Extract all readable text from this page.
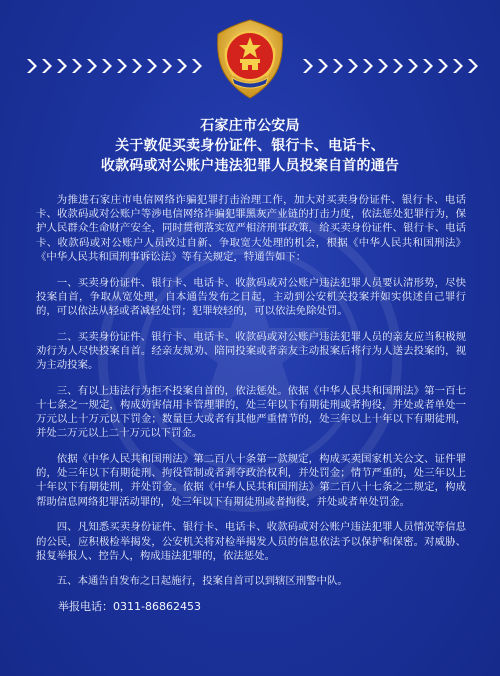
石家庄市公安局
关于敦促买卖身份证件、银行卡、电话卡、
收款码或对公账户违法犯罪人员投案自首的通告

为推进石家庄市电信网络诈骗犯罪打击治理工作，加大对买卖身份证件、银行卡、电话卡、收款码或对公账户等涉电信网络诈骗犯罪黑灰产业链的打击力度，依法惩处犯罪行为，保护人民群众生命财产安全，同时贯彻落实宽严相济刑事政策，给买卖身份证件、银行卡、电话卡、收款码或对公账户人员改过自新、争取宽大处理的机会，根据《中华人民共和国刑法》《中华人民共和国刑事诉讼法》等有关规定，特通告如下：

一、买卖身份证件、银行卡、电话卡、收款码或对公账户违法犯罪人员要认清形势，尽快投案自首，争取从宽处理，自本通告发布之日起，主动到公安机关投案并如实供述自己罪行的，可以依法从轻或者减轻处罚；犯罪较轻的，可以依法免除处罚。

二、买卖身份证件、银行卡、电话卡、收款码或对公账户违法犯罪人员的亲友应当积极规劝行为人尽快投案自首。经亲友规劝、陪同投案或者亲友主动报案后将行为人送去投案的，视为主动投案。

三、有以上违法行为拒不投案自首的，依法惩处。依据《中华人民共和国刑法》第一百七十七条之一规定，构成妨害信用卡管理罪的，处三年以下有期徒刑或者拘役，并处或者单处一万元以上十万元以下罚金；数量巨大或者有其他严重情节的，处三年以上十年以下有期徒刑，并处二万元以上二十万元以下罚金。

依据《中华人民共和国刑法》第二百八十条第一款规定，构成买卖国家机关公文、证件罪的，处三年以下有期徒刑、拘役管制或者剥夺政治权利，并处罚金；情节严重的，处三年以上十年以下有期徒刑，并处罚金。依据《中华人民共和国刑法》第二百八十七条之二规定，构成帮助信息网络犯罪活动罪的，处三年以下有期徒刑或者拘役，并处或者单处罚金。

四、凡知悉买卖身份证件、银行卡、电话卡、收款码或对公账户违法犯罪人员情况等信息的公民，应积极检举揭发，公安机关将对检举揭发人员的信息依法予以保护和保密。对威胁、报复举报人、控告人，构成违法犯罪的，依法惩处。

五、本通告自发布之日起施行，投案自首可以到辖区刑警中队。

举报电话：0311-86862453
